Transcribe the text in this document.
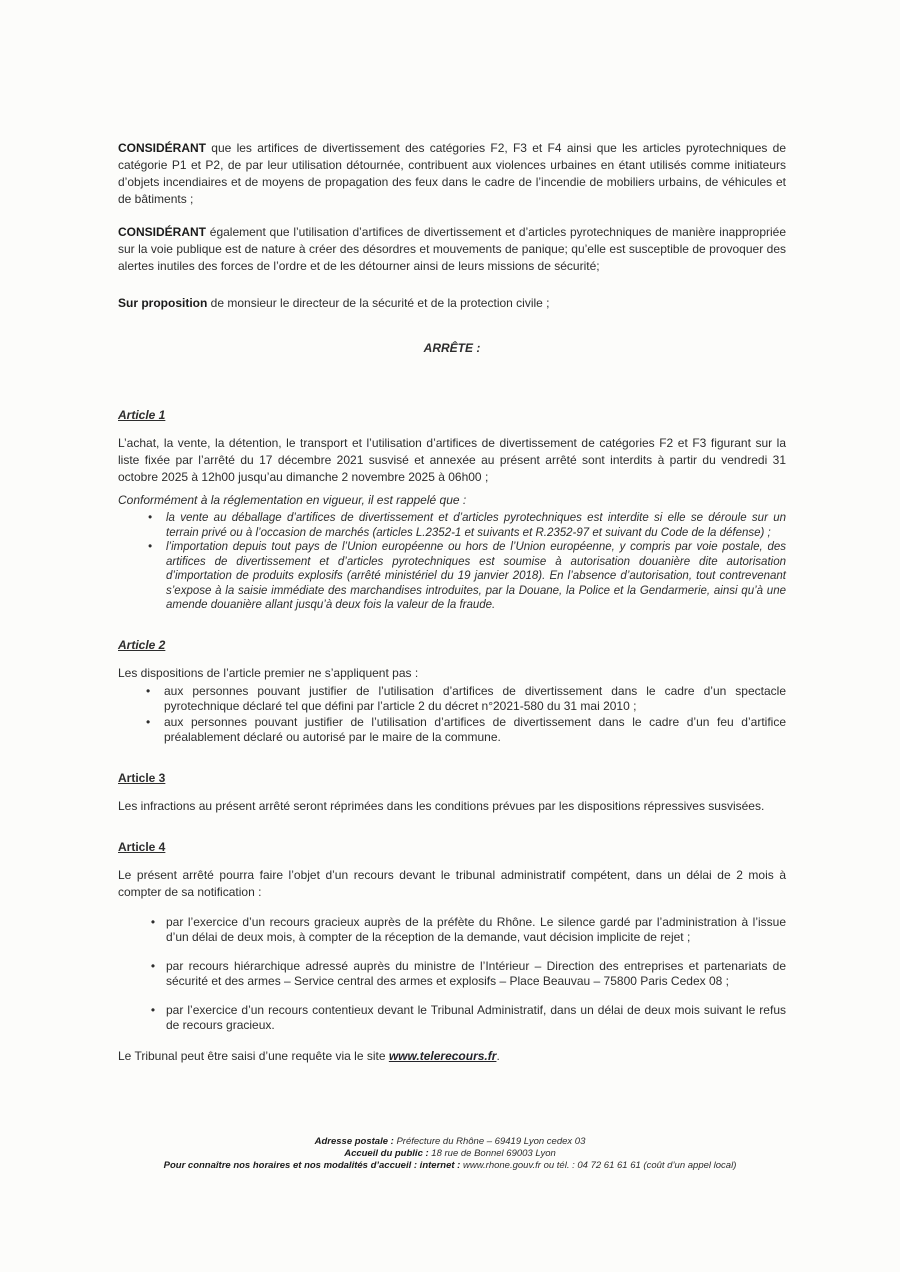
CONSIDÉRANT que les artifices de divertissement des catégories F2, F3 et F4 ainsi que les articles pyrotechniques de catégorie P1 et P2, de par leur utilisation détournée, contribuent aux violences urbaines en étant utilisés comme initiateurs d’objets incendiaires et de moyens de propagation des feux dans le cadre de l’incendie de mobiliers urbains, de véhicules et de bâtiments ;

CONSIDÉRANT également que l’utilisation d’artifices de divertissement et d’articles pyrotechniques de manière inappropriée sur la voie publique est de nature à créer des désordres et mouvements de panique; qu’elle est susceptible de provoquer des alertes inutiles des forces de l’ordre et de les détourner ainsi de leurs missions de sécurité;

Sur proposition de monsieur le directeur de la sécurité et de la protection civile ;

ARRÊTE :

Article 1

L’achat, la vente, la détention, le transport et l’utilisation d’artifices de divertissement de catégories F2 et F3 figurant sur la liste fixée par l’arrêté du 17 décembre 2021 susvisé et annexée au présent arrêté sont interdits à partir du vendredi 31 octobre 2025 à 12h00 jusqu’au dimanche 2 novembre 2025 à 06h00 ;

Conformément à la réglementation en vigueur, il est rappelé que :

•	la vente au déballage d’artifices de divertissement et d’articles pyrotechniques est interdite si elle se déroule sur un terrain privé ou à l’occasion de marchés (articles L.2352-1 et suivants et R.2352-97 et suivant du Code de la défense) ;
•	l’importation depuis tout pays de l’Union européenne ou hors de l’Union européenne, y compris par voie postale, des artifices de divertissement et d’articles pyrotechniques est soumise à autorisation douanière dite autorisation d’importation de produits explosifs (arrêté ministériel du 19 janvier 2018). En l’absence d’autorisation, tout contrevenant s’expose à la saisie immédiate des marchandises introduites, par la Douane, la Police et la Gendarmerie, ainsi qu’à une amende douanière allant jusqu’à deux fois la valeur de la fraude.
Article 2

Les dispositions de l’article premier ne s’appliquent pas :

•	aux personnes pouvant justifier de l’utilisation d’artifices de divertissement dans le cadre d’un spectacle pyrotechnique déclaré tel que défini par l’article 2 du décret n°2021-580 du 31 mai 2010 ;
•	aux personnes pouvant justifier de l’utilisation d’artifices de divertissement dans le cadre d’un feu d’artifice préalablement déclaré ou autorisé par le maire de la commune.
Article 3

Les infractions au présent arrêté seront réprimées dans les conditions prévues par les dispositions répressives susvisées.

Article 4

Le présent arrêté pourra faire l’objet d’un recours devant le tribunal administratif compétent, dans un délai de 2 mois à compter de sa notification :

• par l’exercice d’un recours gracieux auprès de la préfète du Rhône. Le silence gardé par l’administration à l’issue d’un délai de deux mois, à compter de la réception de la demande, vaut décision implicite de rejet ;
• par recours hiérarchique adressé auprès du ministre de l’Intérieur – Direction des entreprises et partenariats de sécurité et des armes – Service central des armes et explosifs – Place Beauvau – 75800 Paris Cedex 08 ;
• par l’exercice d’un recours contentieux devant le Tribunal Administratif, dans un délai de deux mois suivant le refus de recours gracieux.

Le Tribunal peut être saisi d’une requête via le site www.telerecours.fr.

Adresse postale : Préfecture du Rhône – 69419 Lyon cedex 03
Accueil du public : 18 rue de Bonnel 69003 Lyon
Pour connaître nos horaires et nos modalités d’accueil : internet : www.rhone.gouv.fr ou tél. : 04 72 61 61 61 (coût d’un appel local)
